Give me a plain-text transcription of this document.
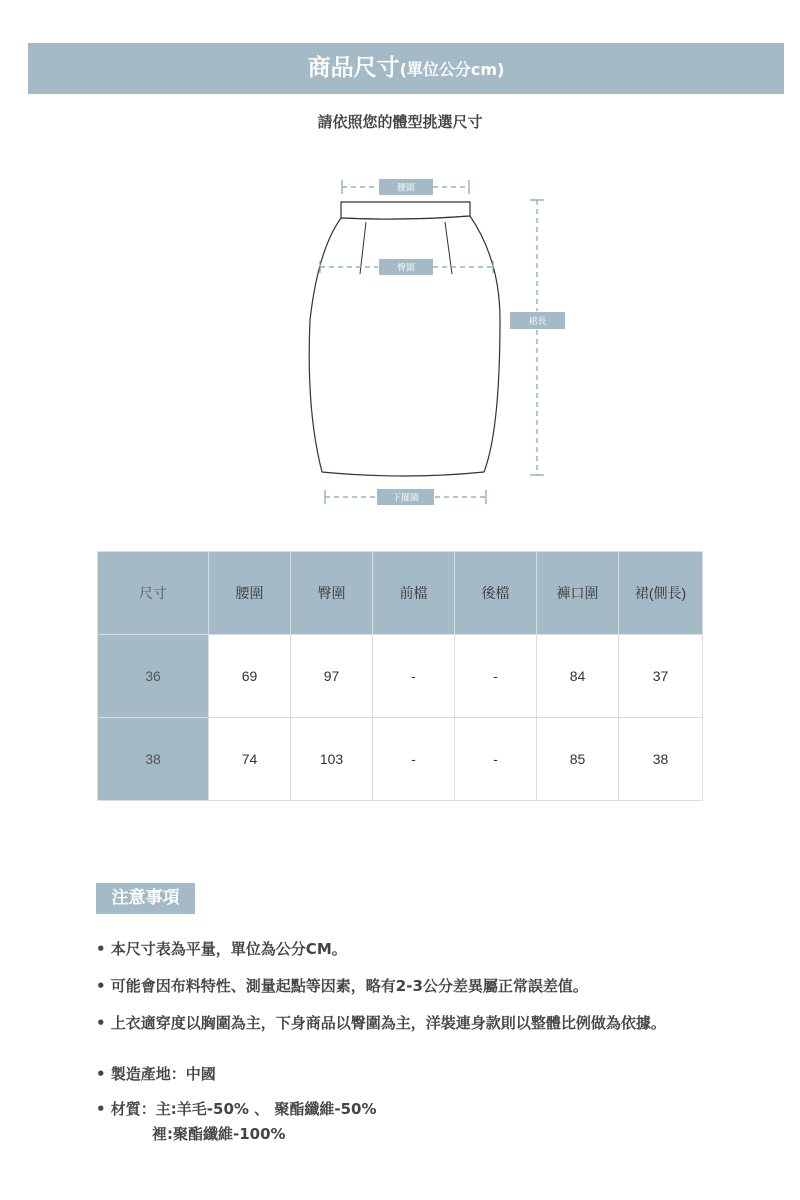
商品尺寸(單位公分cm)
請依照您的體型挑選尺寸
腰圍
臀圍
裙長
下擺圍
尺寸	腰圍	臀圍	前檔	後檔	褲口圍	裙(側長)
36	69	97	-	-	84	37
38	74	103	-	-	85	38
注意事項
• 本尺寸表為平量，單位為公分CM。
• 可能會因布料特性、測量起點等因素，略有2-3公分差異屬正常誤差值。
• 上衣適穿度以胸圍為主，下身商品以臀圍為主，洋裝連身款則以整體比例做為依據。
• 製造產地：中國
• 材質：主:羊毛-50% 、 聚酯纖維-50%
裡:聚酯纖維-100%
